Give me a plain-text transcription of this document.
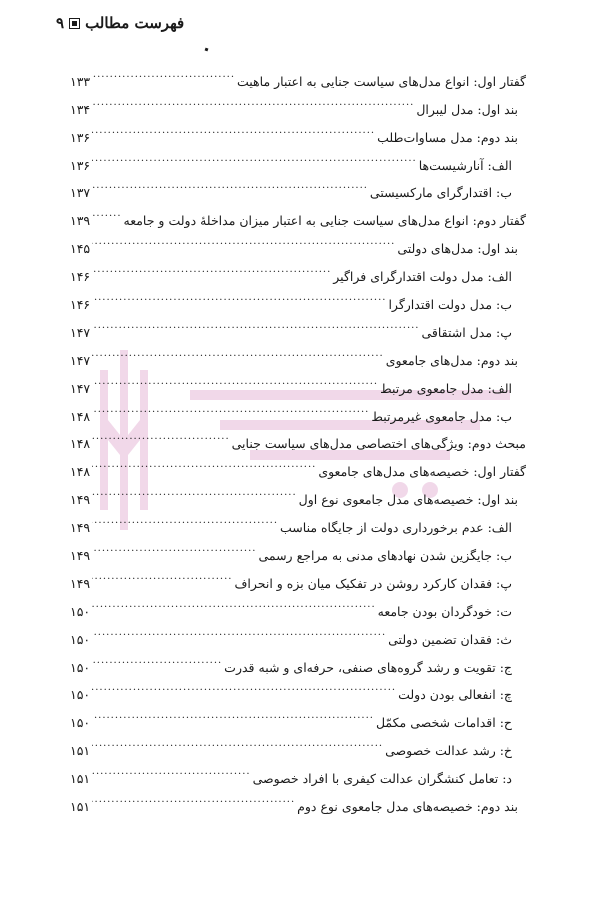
فهرست مطالب
۹
گفتار اول: انواع مدل‌های سیاست جنایی به اعتبار ماهیت
.....
۱۳۳
بند اول: مدل لیبرال
.....
۱۳۴
بند دوم: مدل مساوات‌طلب
.....
۱۳۶
الف: آنارشیست‌ها
.....
۱۳۶
ب: اقتدارگرای مارکسیستی
.....
۱۳۷
گفتار دوم: انواع مدل‌های سیاست جنایی به اعتبار میزان مداخلهٔ دولت و جامعه
.....
۱۳۹
بند اول: مدل‌های دولتی
.....
۱۴۵
الف: مدل دولت اقتدارگرای فراگیر
.....
۱۴۶
ب: مدل دولت اقتدارگرا
.....
۱۴۶
پ: مدل اشتقاقی
.....
۱۴۷
بند دوم: مدل‌های جامعوی
.....
۱۴۷
الف: مدل جامعوی مرتبط
.....
۱۴۷
ب: مدل جامعوی غیرمرتبط
.....
۱۴۸
مبحث دوم: ویژگی‌های اختصاصی مدل‌های سیاست جنایی
.....
۱۴۸
گفتار اول: خصیصه‌های مدل‌های جامعوی
.....
۱۴۸
بند اول: خصیصه‌های مدل جامعوی نوع اول
.....
۱۴۹
الف: عدم برخورداری دولت از جایگاه مناسب
.....
۱۴۹
ب: جایگزین شدن نهادهای مدنی به مراجع رسمی
.....
۱۴۹
پ: فقدان کارکرد روشن در تفکیک میان بزه و انحراف
.....
۱۴۹
ت: خودگردان بودن جامعه
.....
۱۵۰
ث: فقدان تضمین دولتی
.....
۱۵۰
ج: تقویت و رشد گروه‌های صنفی، حرفه‌ای و شبه قدرت
.....
۱۵۰
چ: انفعالی بودن دولت
.....
۱۵۰
ح: اقدامات شخصی مکمّل
.....
۱۵۰
خ: رشد عدالت خصوصی
.....
۱۵۱
د: تعامل کنشگران عدالت کیفری با افراد خصوصی
.....
۱۵۱
بند دوم: خصیصه‌های مدل جامعوی نوع دوم
.....
۱۵۱
